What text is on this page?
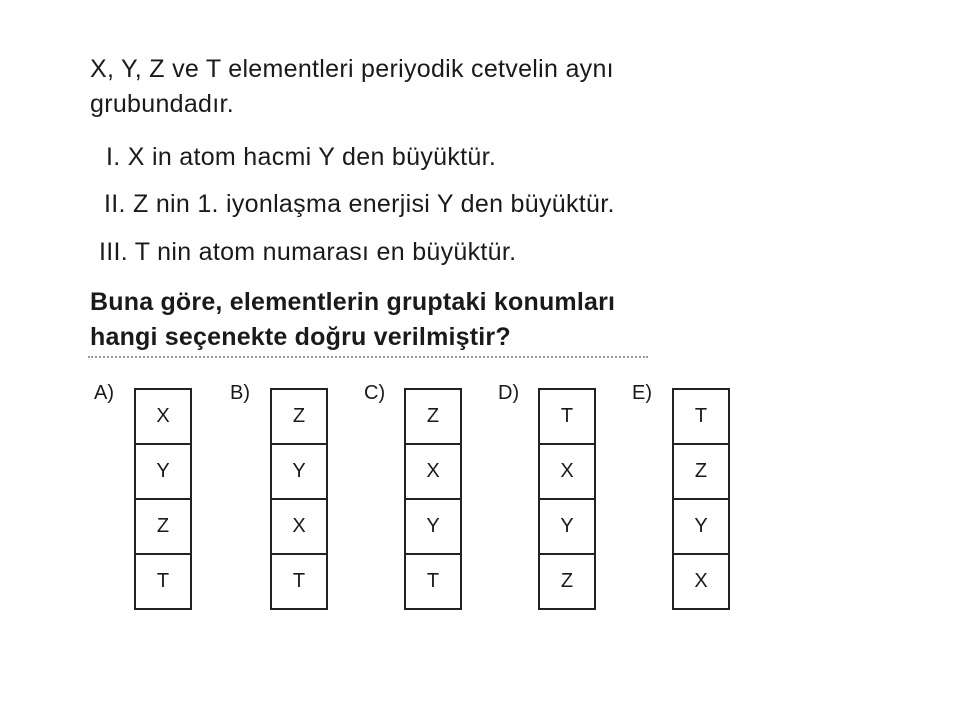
X, Y, Z ve T elementleri periyodik cetvelin aynı
grubundadır.
I. X in atom hacmi Y den büyüktür.
II. Z nin 1. iyonlaşma enerjisi Y den büyüktür.
III. T nin atom numarası en büyüktür.
Buna göre, elementlerin gruptaki konumları
hangi seçenekte doğru verilmiştir?
A)
X
Y
Z
T
B)
Z
Y
X
T
C)
Z
X
Y
T
D)
T
X
Y
Z
E)
T
Z
Y
X
